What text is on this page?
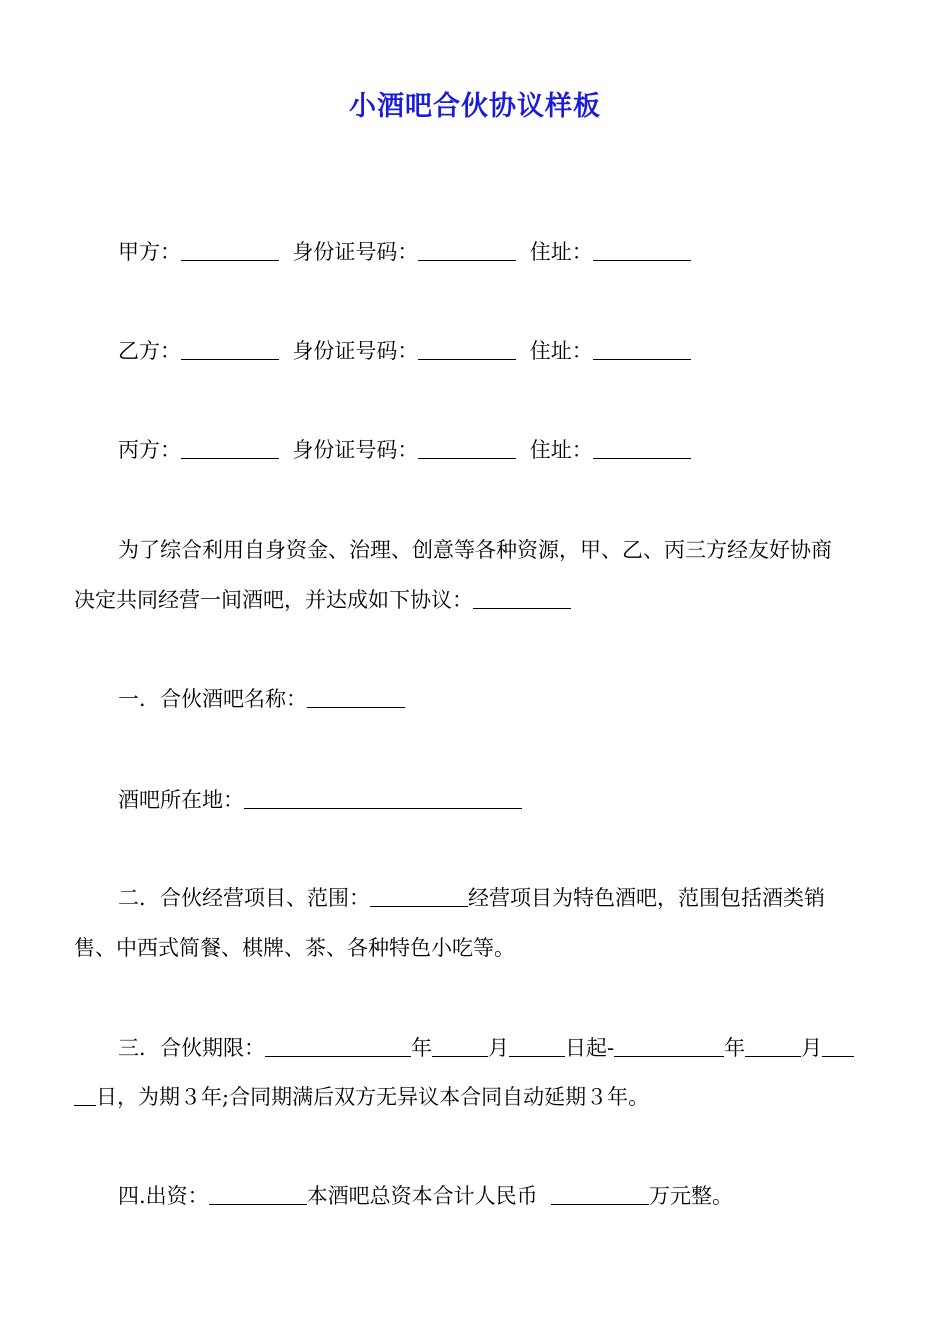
小酒吧合伙协议样板
甲方：	身份证号码：	住址：
乙方：	身份证号码：	住址：
丙方：	身份证号码：	住址：
为了综合利用自身资金、治理、创意等各种资源，甲、乙、丙三方经友好协商
决定共同经营一间酒吧，并达成如下协议：
一．合伙酒吧名称：
酒吧所在地：
二．合伙经营项目、范围：	经营项目为特色酒吧，范围包括酒类销
售、中西式简餐、棋牌、茶、各种特色小吃等。
三．合伙期限：	年	月	日起-	年	月
日，为期３年;合同期满后双方无异议本合同自动延期３年。
四.出资：	本酒吧总资本合计人民币	万元整。
